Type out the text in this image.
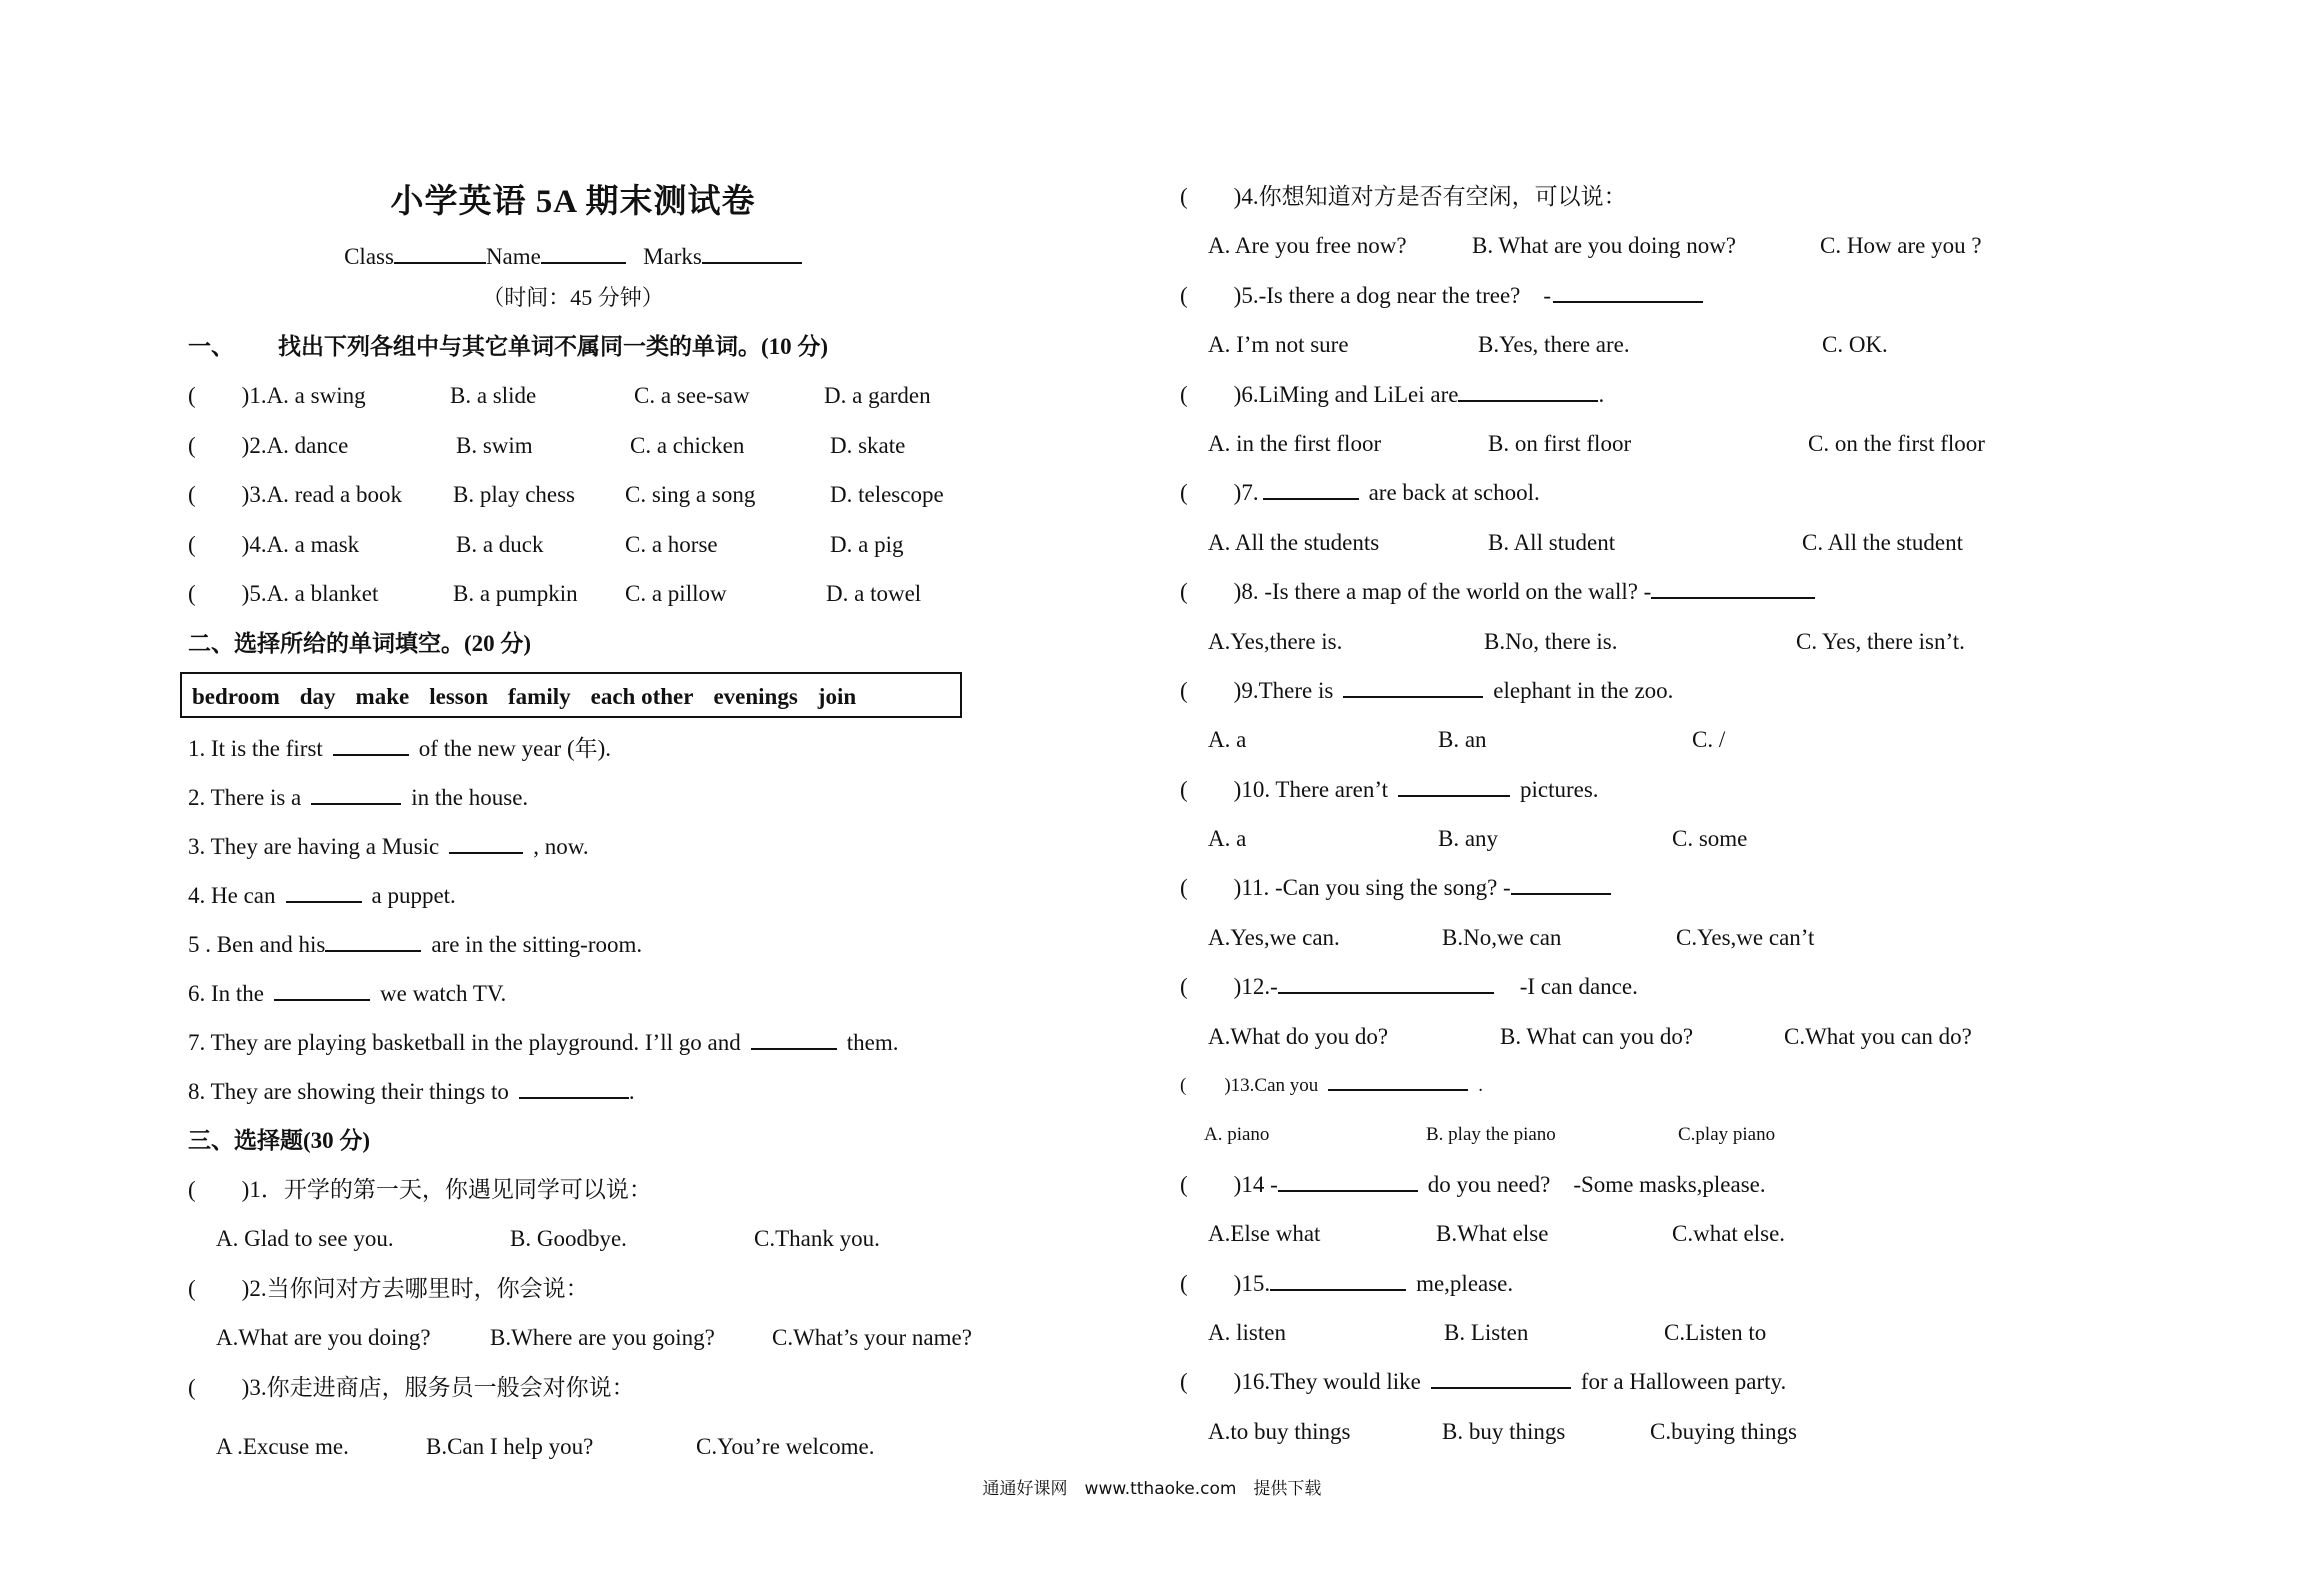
小学英语 5A 期末测试卷
Class	Name	Marks
（时间：45 分钟）
一、 找出下列各组中与其它单词不属同一类的单词。(10 分)
(　　)1.A. a swing	B. a slide	C. a see-saw	D. a garden
(　　)2.A. dance	B. swim	C. a chicken	D. skate
(　　)3.A. read a book B. play chess C. sing a song	D. telescope
(　　)4.A. a mask	B. a duck	C. a horse	D. a pig
(　　)5.A. a blanket	B. a pumpkin C. a pillow	D. a towel
二、选择所给的单词填空。(20 分)
bedroom day make lesson family each other evenings join
1. It is the first	of the new year (年).
2. There is a	in the house.
3. They are having a Music	, now.
4. He can	a puppet.
5 . Ben and his	are in the sitting-room.
6. In the	we watch TV.
7. They are playing basketball in the playground. I’ll go and	them.
8. They are showing their things to	.
三、选择题(30 分)
(　　)1．开学的第一天，你遇见同学可以说：
A. Glad to see you.	B. Goodbye.	C.Thank you.
(　　)2.当你问对方去哪里时，你会说：
A.What are you doing?	B.Where are you going? C.What’s your name?
(　　)3.你走进商店，服务员一般会对你说：
A .Excuse me.	B.Can I help you?	C.You’re welcome.
(　　)4.你想知道对方是否有空闲，可以说：
A. Are you free now?	B. What are you doing now?	C. How are you ?
(　　)5.-Is there a dog near the tree?　-
A. I’m not sure	B.Yes, there are.	C. OK.
(　　)6.LiMing and LiLei are	.
A. in the first floor	B. on first floor	C. on the first floor
(　　)7.	are back at school.
A. All the students	B. All student	C. All the student
(　　)8. -Is there a map of the world on the wall? -
A.Yes,there is.	B.No, there is.	C. Yes, there isn’t.
(　　)9.There is	elephant in the zoo.
A. a	B. an	C. /
(　　)10. There aren’t	pictures.
A. a	B. any	C. some
(　　)11. -Can you sing the song? -
A.Yes,we can.	B.No,we can	C.Yes,we can’t
(　　)12.-	-I can dance.
A.What do you do?	B. What can you do?	C.What you can do?
(　　)13.Can you	.
A. piano	B. play the piano	C.play piano
(　　)14 -	do you need?　-Some masks,please.
A.Else what	B.What else	C.what else.
(　　)15.	me,please.
A. listen	B. Listen	C.Listen to
(　　)16.They would like	for a Halloween party.
A.to buy things	B. buy things	C.buying things
通通好课网　www.tthaoke.com　提供下载
